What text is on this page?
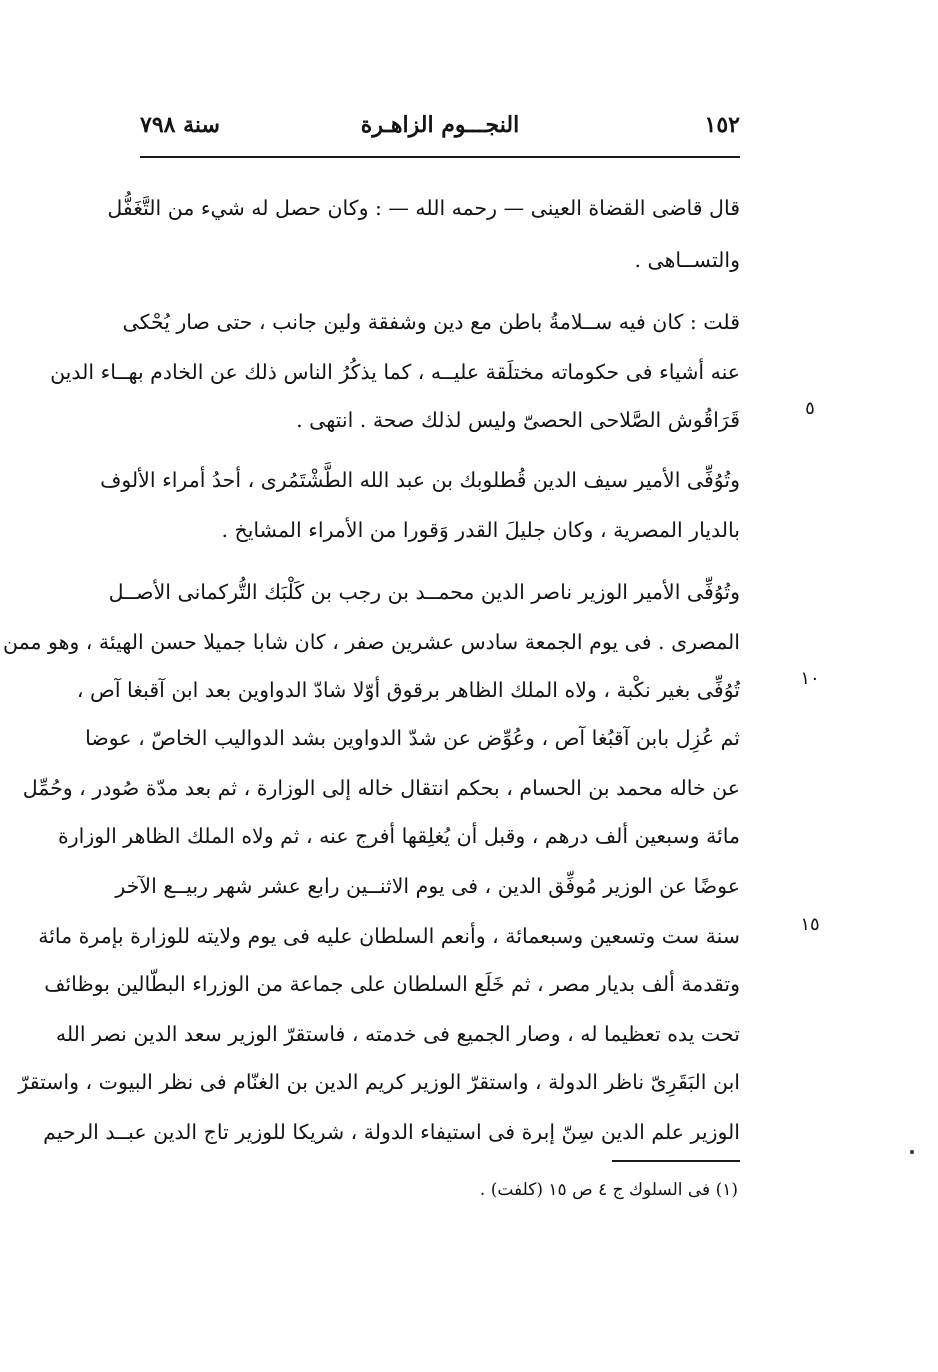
١٥٢
النجـــوم الزاهـرة
سنة ٧٩٨
قال قاضى القضاة العينى — رحمه الله — : وكان حصل له شيء من التَّغَفُّل
والتســاهى .
قلت : كان فيه ســلامةُ باطن مع دين وشفقة ولين جانب ، حتى صار يُحْكى
عنه أشياء فى حكوماته مختلَقة عليــه ، كما يذكُرُ الناس ذلك عن الخادم بهــاء الدين
قَرَاقُوش الصَّلاحى الحصىّ وليس لذلك صحة . انتهى .
وتُوُفِّى الأمير سيف الدين قُطلوبك بن عبد الله الطَّشْتَمُرى ، أحدُ أمراء الألوف
بالديار المصرية ، وكان جليلَ القدر وَقورا من الأمراء المشايخ .
وتُوُفِّى الأمير الوزير ناصر الدين محمــد بن رجب بن كَلْبَك التُّركمانى الأصــل
المصرى . فى يوم الجمعة سادس عشرين صفر ، كان شابا جميلا حسن الهيئة ، وهو ممن
تُوُفِّى بغير نكْبة ، ولاه الملك الظاهر برقوق أوّلا شادّ الدواوين بعد ابن آقبغا آص ،
ثم عُزِل بابن آقبُغا آص ، وعُوِّض عن شدّ الدواوين بشد الدواليب الخاصّ ، عوضا
عن خاله محمد بن الحسام ، بحكم انتقال خاله إلى الوزارة ، ثم بعد مدّة صُودر ، وحُمِّل
مائة وسبعين ألف درهم ، وقبل أن يُغلِقها أفرج عنه ، ثم ولاه الملك الظاهر الوزارة
عوضًا عن الوزير مُوفِّق الدين ، فى يوم الاثنــين رابع عشر شهر ربيــع الآخر
سنة ست وتسعين وسبعمائة ، وأنعم السلطان عليه فى يوم ولايته للوزارة بإمرة مائة
وتقدمة ألف بديار مصر ، ثم خَلَع السلطان على جماعة من الوزراء البطّالين بوظائف
تحت يده تعظيما له ، وصار الجميع فى خدمته ، فاستقرّ الوزير سعد الدين نصر الله
ابن البَقَرِىّ ناظر الدولة ، واستقرّ الوزير كريم الدين بن الغنّام فى نظر البيوت ، واستقرّ
الوزير علم الدين سِنّ إبرة فى استيفاء الدولة ، شريكا للوزير تاج الدين عبــد الرحيم
٥
١٠
١٥
(١) فى السلوك ج ٤ ص ١٥ (كلفت) .
